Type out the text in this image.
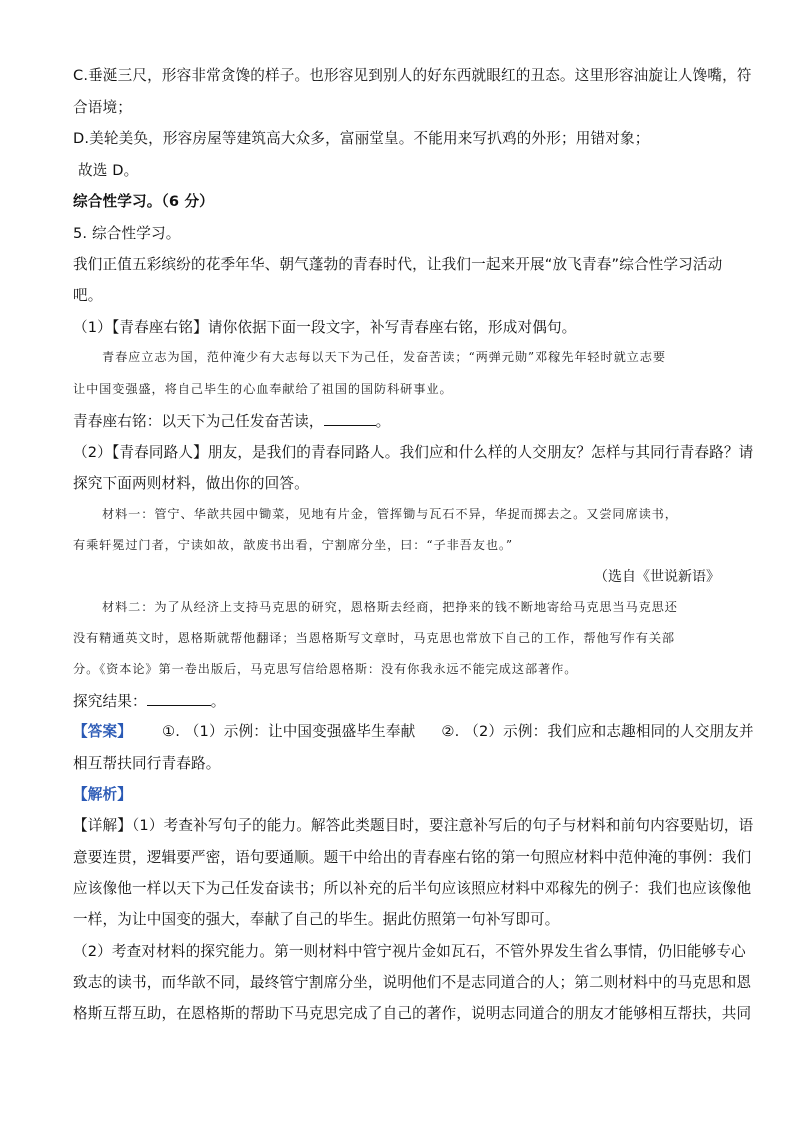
C.垂涎三尺，形容非常贪馋的样子。也形容见到别人的好东西就眼红的丑态。这里形容油旋让人馋嘴，符
合语境；
D.美轮美奂，形容房屋等建筑高大众多，富丽堂皇。不能用来写扒鸡的外形；用错对象；
故选 D。
综合性学习。（6 分）
5. 综合性学习。
我们正值五彩缤纷的花季年华、朝气蓬勃的青春时代，让我们一起来开展“放飞青春”综合性学习活动
吧。
（1）【青春座右铭】请你依据下面一段文字，补写青春座右铭，形成对偶句。
青春应立志为国，范仲淹少有大志每以天下为己任，发奋苦读；“两弹元勋”邓稼先年轻时就立志要
让中国变强盛，将自己毕生的心血奉献给了祖国的国防科研事业。
青春座右铭：以天下为己任发奋苦读，	。
（2）【青春同路人】朋友，是我们的青春同路人。我们应和什么样的人交朋友？怎样与其同行青春路？请
探究下面两则材料，做出你的回答。
材料一：管宁、华歆共园中锄菜，见地有片金，管挥锄与瓦石不异，华捉而掷去之。又尝同席读书，
有乘轩冕过门者，宁读如故，歆废书出看，宁割席分坐，曰：“子非吾友也。”
（选自《世说新语》
材料二：为了从经济上支持马克思的研究，恩格斯去经商，把挣来的钱不断地寄给马克思当马克思还
没有精通英文时，恩格斯就帮他翻译；当恩格斯写文章时，马克思也常放下自己的工作，帮他写作有关部
分。《资本论》第一卷出版后，马克思写信给恩格斯：没有你我永远不能完成这部著作。
探究结果：	。
【答案】 ①. （1）示例：让中国变强盛毕生奉献 ②. （2）示例：我们应和志趣相同的人交朋友并
相互帮扶同行青春路。
【解析】
【详解】（1）考查补写句子的能力。解答此类题目时，要注意补写后的句子与材料和前句内容要贴切，语
意要连贯，逻辑要严密，语句要通顺。题干中给出的青春座右铭的第一句照应材料中范仲淹的事例：我们
应该像他一样以天下为己任发奋读书；所以补充的后半句应该照应材料中邓稼先的例子：我们也应该像他
一样，为让中国变的强大，奉献了自己的毕生。据此仿照第一句补写即可。
（2）考查对材料的探究能力。第一则材料中管宁视片金如瓦石，不管外界发生省么事情，仍旧能够专心
致志的读书，而华歆不同，最终管宁割席分坐，说明他们不是志同道合的人；第二则材料中的马克思和恩
格斯互帮互助，在恩格斯的帮助下马克思完成了自己的著作，说明志同道合的朋友才能够相互帮扶，共同
